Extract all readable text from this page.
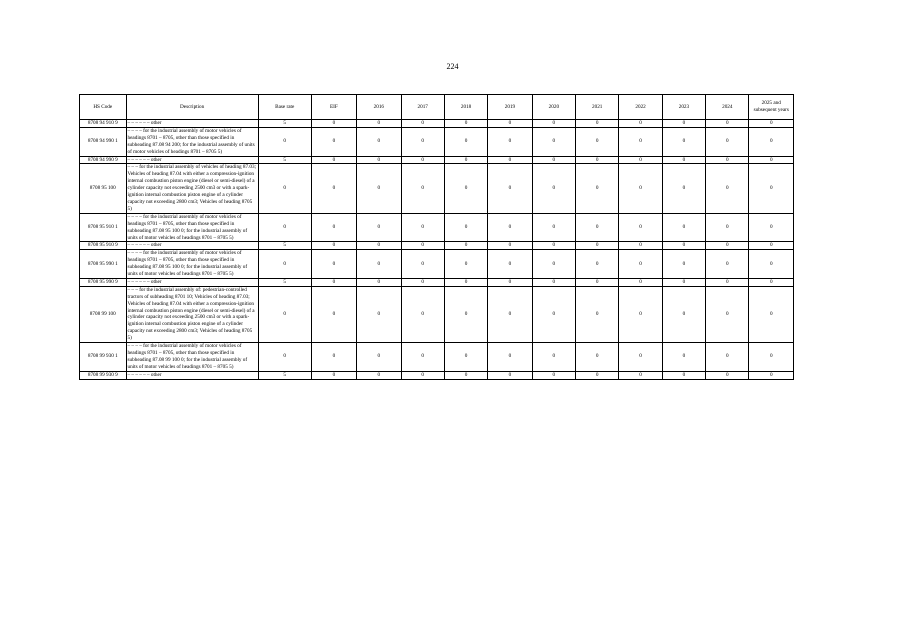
224
HS Code	Description	Base rate	EIF	2016	2017	2018	2019	2020	2021	2022	2023	2024	2025 and subsequent years
8708 94 910 9	– – – – – – other	5	0	0	0	0	0	0	0	0	0	0	0
8708 94 990 1	– – – – for the industrial assembly of motor vehicles of headings 8701 – 8705, other than those specified in subheading 87.08 94 200; for the industrial assembly of units of motor vehicles of headings 8701 – 8705 5)	0	0	0	0	0	0	0	0	0	0	0	0
8708 94 990 9	– – – – – – other	5	0	0	0	0	0	0	0	0	0	0	0
8708 95 100	– – – for the industrial assembly of vehicles of heading 87.03; Vehicles of heading 87.04 with either a compression-ignition internal combustion piston engine (diesel or semi-diesel) of a cylinder capacity not exceeding 2500 cm3 or with a spark-ignition internal combustion piston engine of a cylinder capacity not exceeding 2800 cm3; Vehicles of heading 8705 5)	0	0	0	0	0	0	0	0	0	0	0	0
8708 95 910 1	– – – – for the industrial assembly of motor vehicles of headings 8701 – 8705, other than those specified in subheading 87.08 95 100 0; for the industrial assembly of units of motor vehicles of headings 8701 – 8705 5)	0	0	0	0	0	0	0	0	0	0	0	0
8708 95 910 9	– – – – – – other	5	0	0	0	0	0	0	0	0	0	0	0
8708 95 990 1	– – – – for the industrial assembly of motor vehicles of headings 8701 – 8705, other than those specified in subheading 87.08 95 100 0; for the industrial assembly of units of motor vehicles of headings 8701 – 8705 5)	0	0	0	0	0	0	0	0	0	0	0	0
8708 95 990 9	– – – – – – other	5	0	0	0	0	0	0	0	0	0	0	0
8708 99 100	– – – for the industrial assembly of: pedestrian-controlled tractors of subheading 8701 10; Vehicles of heading 87.03; Vehicles of heading 87.04 with either a compression-ignition internal combustion piston engine (diesel or semi-diesel) of a cylinder capacity not exceeding 2500 cm3 or with a spark-ignition internal combustion piston engine of a cylinder capacity not exceeding 2800 cm3; Vehicles of heading 8705 5)	0	0	0	0	0	0	0	0	0	0	0	0
8708 99 930 1	– – – – for the industrial assembly of motor vehicles of headings 8701 – 8705, other than those specified in subheading 87.08 99 100 0; for the industrial assembly of units of motor vehicles of headings 8701 – 8705 5)	0	0	0	0	0	0	0	0	0	0	0	0
8708 99 930 9	– – – – – – other	5	0	0	0	0	0	0	0	0	0	0	0
